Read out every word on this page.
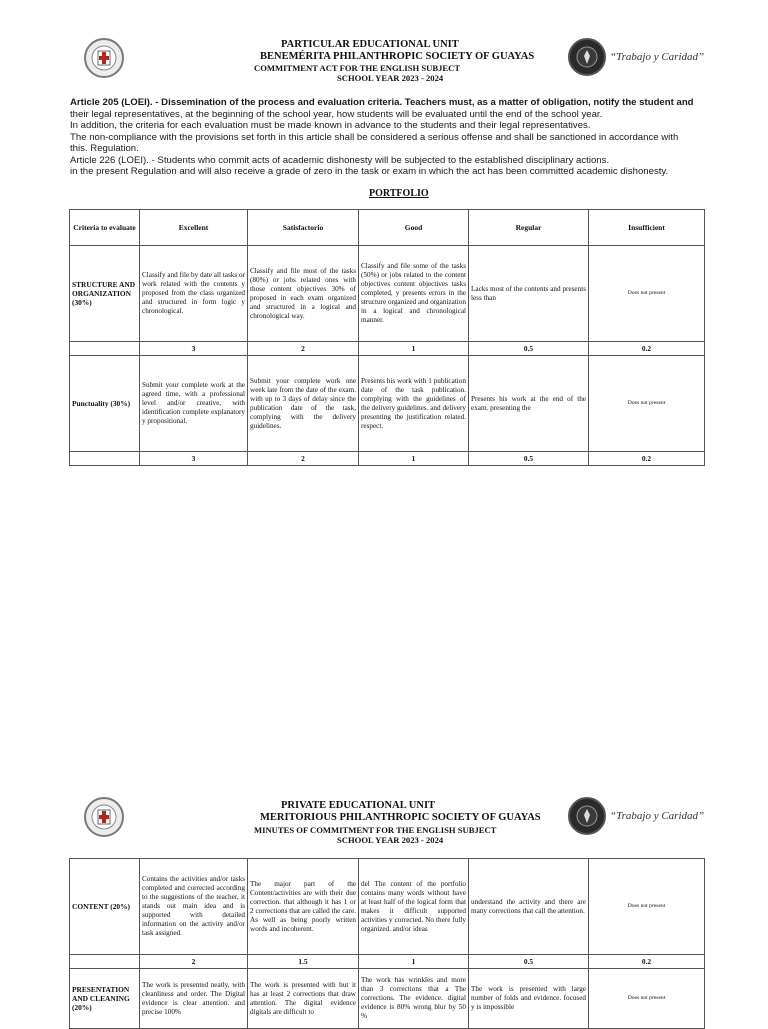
PARTICULAR EDUCATIONAL UNIT
BENEMÉRITA PHILANTHROPIC SOCIETY OF GUAYAS
COMMITMENT ACT FOR THE ENGLISH SUBJECT
SCHOOL YEAR 2023 - 2024
“Trabajo y Caridad”
Article 205 (LOEI). - Dissemination of the process and evaluation criteria. Teachers must, as a matter of obligation, notify the student and
their legal representatives, at the beginning of the school year, how students will be evaluated until the end of the school year.
In addition, the criteria for each evaluation must be made known in advance to the students and their legal representatives.
The non-compliance with the provisions set forth in this article shall be considered a serious offense and shall be sanctioned in accordance with this. Regulation.
Article 226 (LOEI). - Students who commit acts of academic dishonesty will be subjected to the established disciplinary actions.
in the present Regulation and will also receive a grade of zero in the task or exam in which the act has been committed academic dishonesty.
PORTFOLIO
Criteria to evaluate	Excellent	Satisfactorio	Good	Regular	Insufficient
STRUCTURE AND ORGANIZATION (30%)	Classify and file by date all tasks or work related with the contents y proposed from the class organized and structured in form logic y chronological.	Classify and file most of the tasks (80%) or jobs related ones with those content objectives 30% of proposed in each exam organized and structured in a logical and chronological way.	Classify and file some of the tasks (50%) or jobs related to the content objectives content objectives tasks completed, y presents errors in the structure organized and organization in a logical and chronological manner.	Lacks most of the contents and presents less than	Does not present
	3	2	1	0.5	0.2
Punctuality (30%)	Submit your complete work at the agreed time, with a professional level and/or creative, with identification complete explanatory y propositional.	Submit your complete work one week late from the date of the exam. with up to 3 days of delay since the publication date of the task, complying with the delivery guidelines.	Presents his work with 1 publication date of the task publication. complying with the guidelines of the delivery guidelines. and delivery presenting the justification related. respect.	Presents his work at the end of the exam. presenting the	Does not present
	3	2	1	0.5	0.2
PRIVATE EDUCATIONAL UNIT
MERITORIOUS PHILANTHROPIC SOCIETY OF GUAYAS
MINUTES OF COMMITMENT FOR THE ENGLISH SUBJECT
SCHOOL YEAR 2023 - 2024
“Trabajo y Caridad”
CONTENT (20%)	Contains the activities and/or tasks completed and corrected according to the suggestions of the teacher, it stands out main idea and is supported with detailed information on the activity and/or task assigned.	The major part of the Content/activities are with their due correction. that although it has 1 or 2 corrections that are called the care. As well as being poorly written words and incoherent.	del The content of the portfolio contains many words without have at least half of the logical form that makes it difficult supported activities y corrected. No there fully organized. and/or ideas	understand the activity and there are many corrections that call the attention.	Does not present
	2	1.5	1	0.5	0.2
PRESENTATION AND CLEANING (20%)	The work is presented neatly, with cleanliness and order. The Digital evidence is clear attention. and precise 100%	The work is presented with but it has at least 2 corrections that draw attention. The digital evidence digitals are difficult to	The work has wrinkles and more than 3 corrections that a The corrections. The evidence. digital evidence is 80% wrong blur by 50 %	The work is presented with large number of folds and evidence. focused y is impossible	Does not present
